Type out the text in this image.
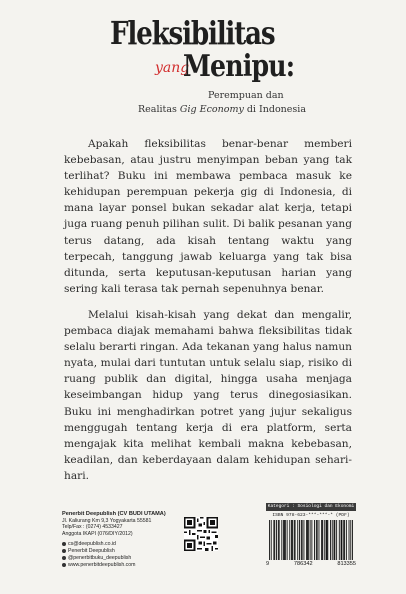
Fleksibilitas
yang
Menipu:
Perempuan dan
Realitas Gig Economy di Indonesia

Apakah fleksibilitas benar-benar memberi kebebasan, atau justru menyimpan beban yang tak terlihat? Buku ini membawa pembaca masuk ke kehidupan perempuan pekerja gig di Indonesia, di mana layar ponsel bukan sekadar alat kerja, tetapi juga ruang penuh pilihan sulit. Di balik pesanan yang terus datang, ada kisah tentang waktu yang terpecah, tanggung jawab keluarga yang tak bisa ditunda, serta keputusan-keputusan harian yang sering kali terasa tak pernah sepenuhnya benar.

Melalui kisah-kisah yang dekat dan mengalir, pembaca diajak memahami bahwa fleksibilitas tidak selalu berarti ringan. Ada tekanan yang halus namun nyata, mulai dari tuntutan untuk selalu siap, risiko di ruang publik dan digital, hingga usaha menjaga keseimbangan hidup yang terus dinegosiasikan. Buku ini menghadirkan potret yang jujur sekaligus menggugah tentang kerja di era platform, serta mengajak kita melihat kembali makna kebebasan, keadilan, dan keberdayaan dalam kehidupan sehari-hari.

Penerbit Deepublish (CV BUDI UTAMA)
Jl. Kaliurang Km 9,3 Yogyakarta 55581
Telp/Fax : (0274) 4533427
Anggota IKAPI (076/DIY/2012)
cs@deepublish.co.id
Penerbit Deepublish
@penerbitbuku_deepublish
www.penerbitdeepublish.com
Kategori : Sosiologi dan Ekonomi
ISBN 978-623-***-***-* (PDF)
9	786342	813355
